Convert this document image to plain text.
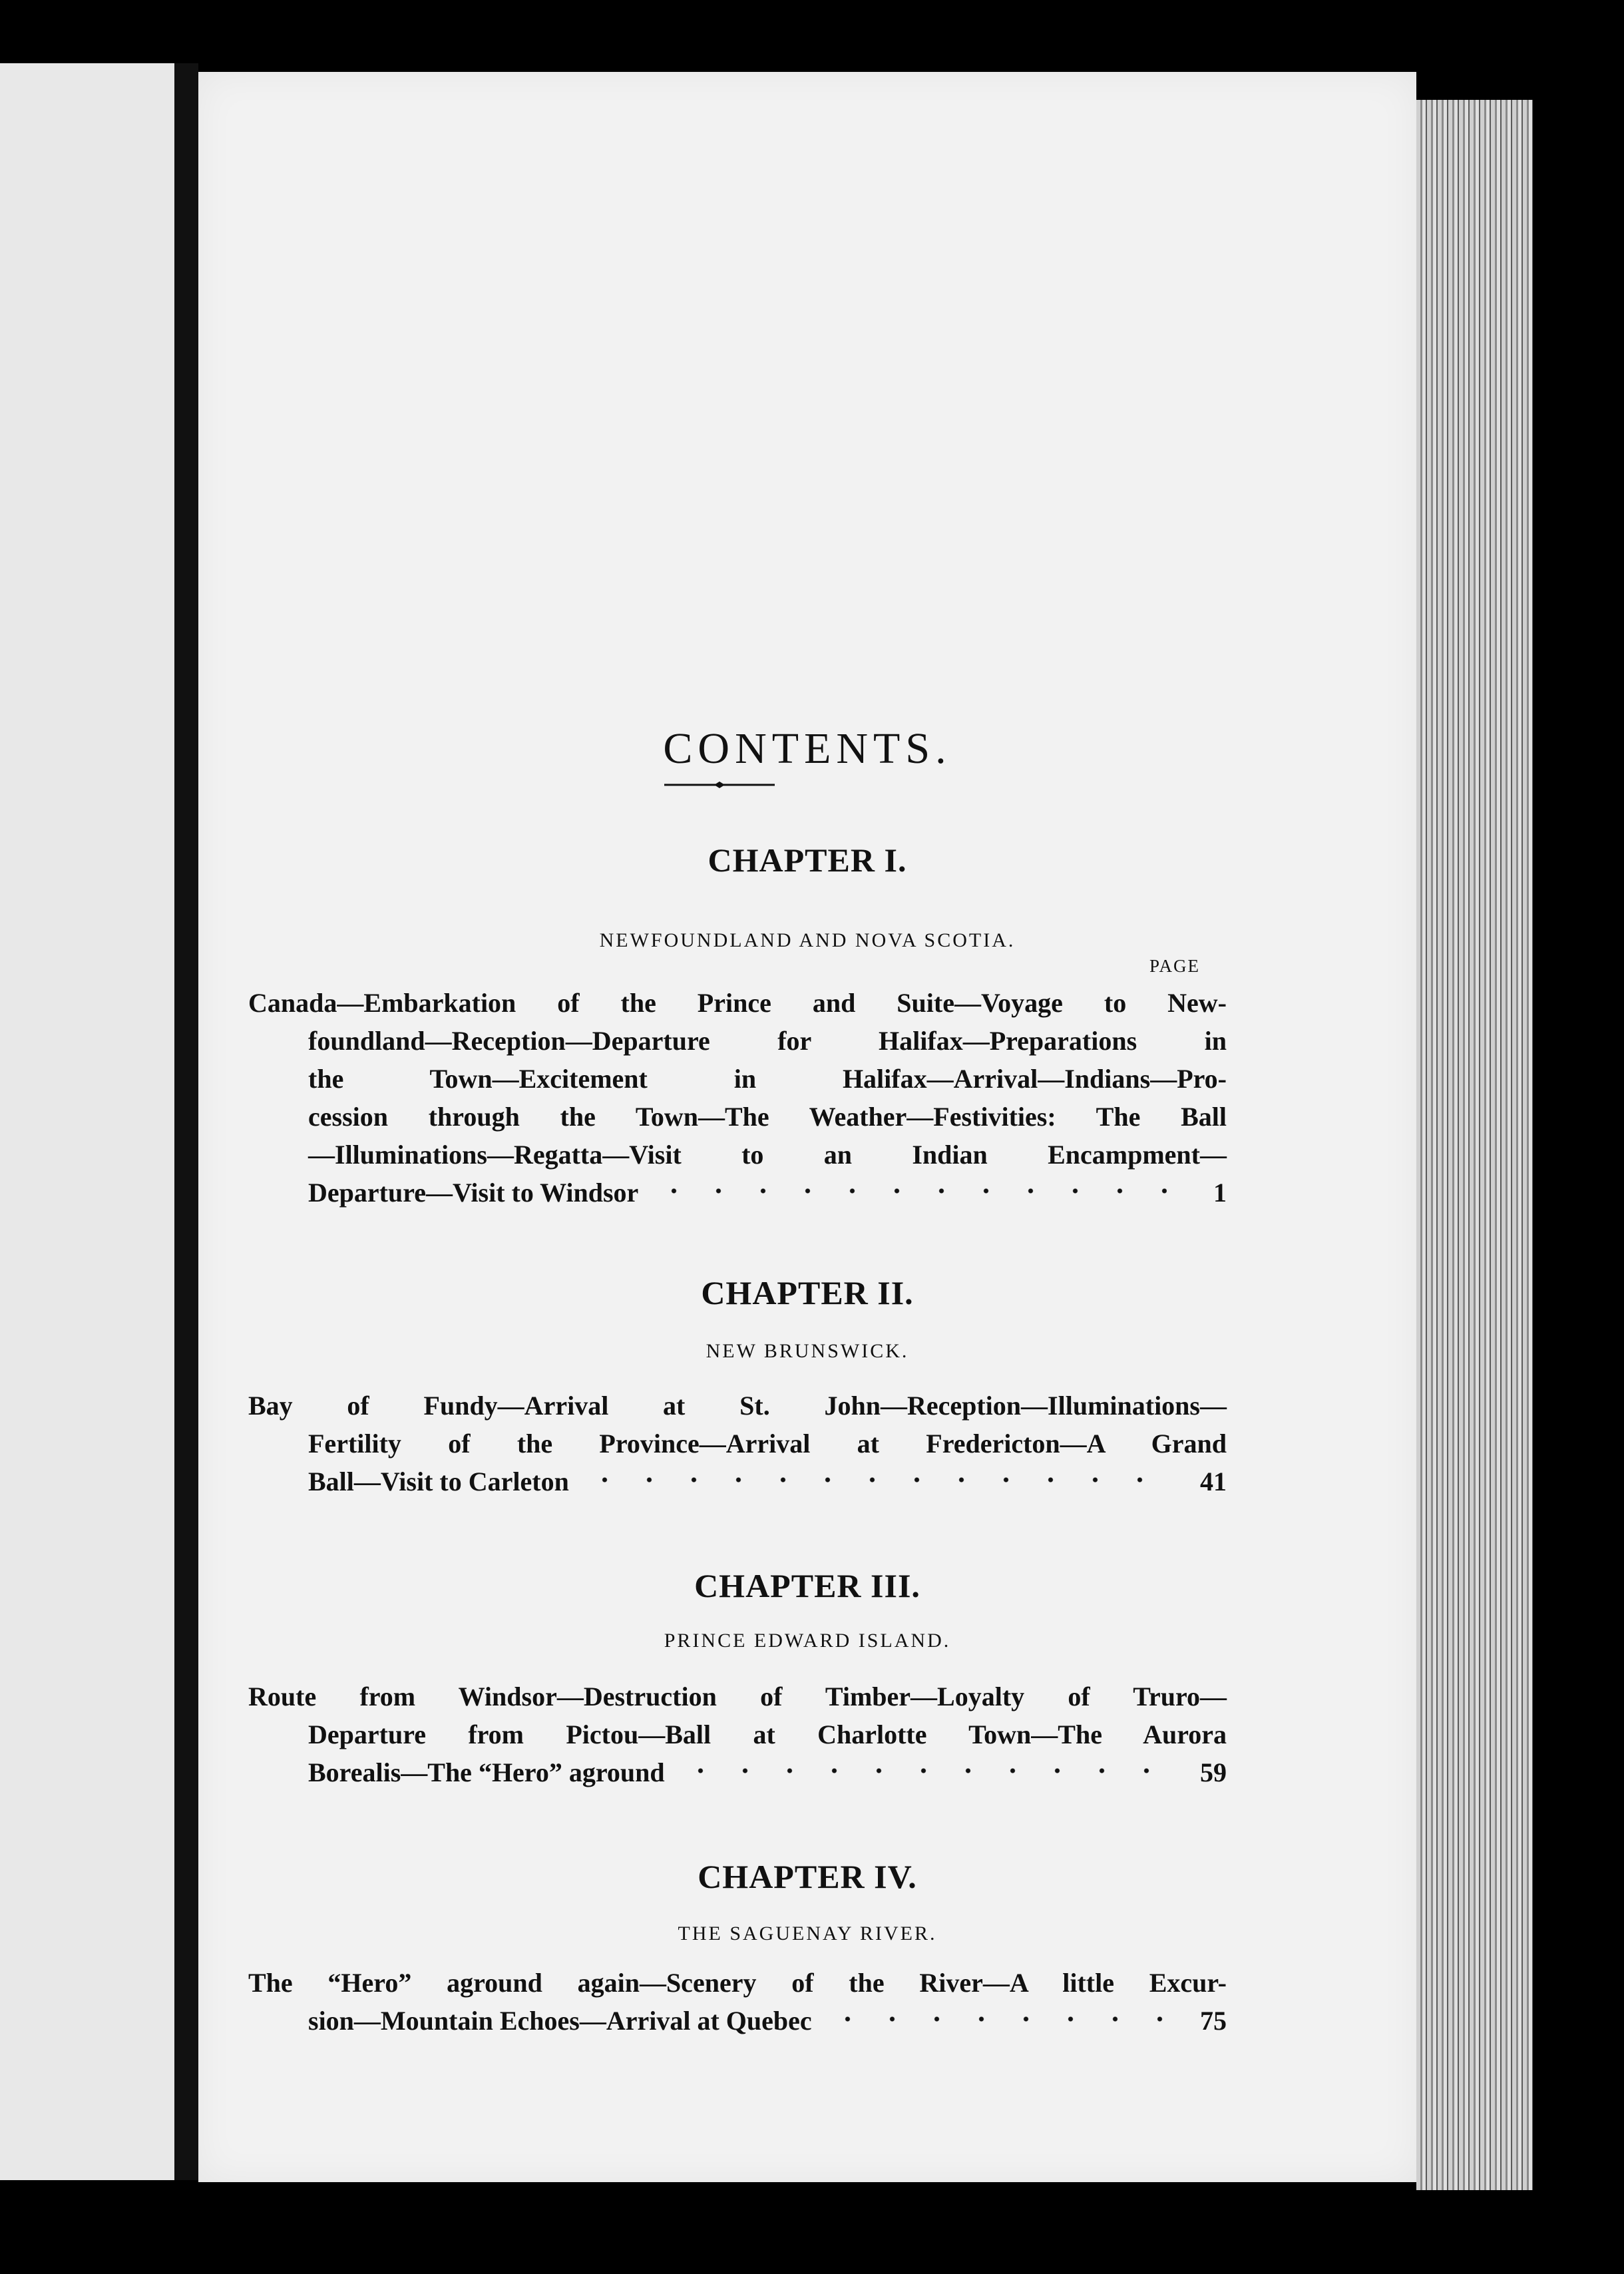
CONTENTS.
CHAPTER I.
NEWFOUNDLAND AND NOVA SCOTIA.
PAGE
Canada—Embarkation of the Prince and Suite—Voyage to New-
foundland—Reception—Departure for Halifax—Preparations in
the Town—Excitement in Halifax—Arrival—Indians—Pro-
cession through the Town—The Weather—Festivities: The Ball
—Illuminations—Regatta—Visit to an Indian Encampment—
Departure—Visit to Windsor	1
CHAPTER II.
NEW BRUNSWICK.
Bay of Fundy—Arrival at St. John—Reception—Illuminations—
Fertility of the Province—Arrival at Fredericton—A Grand
Ball—Visit to Carleton	41
CHAPTER III.
PRINCE EDWARD ISLAND.
Route from Windsor—Destruction of Timber—Loyalty of Truro—
Departure from Pictou—Ball at Charlotte Town—The Aurora
Borealis—The “Hero” aground	59
CHAPTER IV.
THE SAGUENAY RIVER.
The “Hero” aground again—Scenery of the River—A little Excur-
sion—Mountain Echoes—Arrival at Quebec	75
